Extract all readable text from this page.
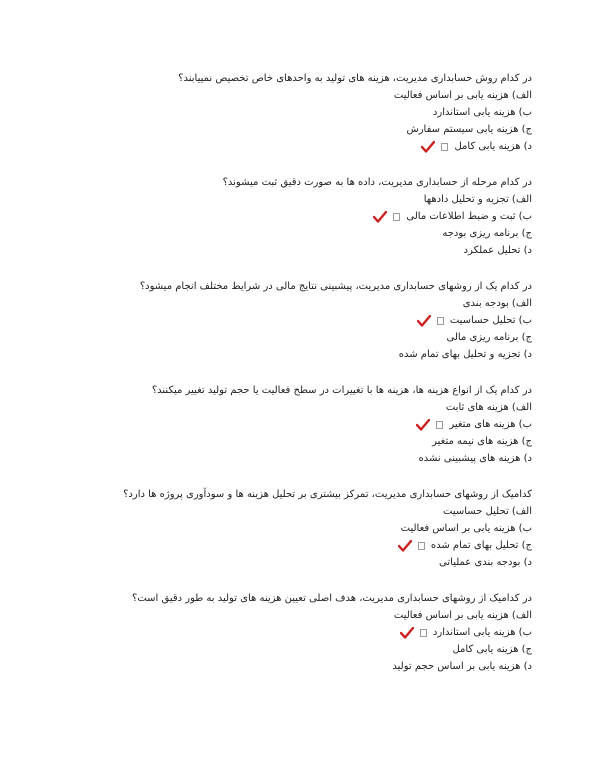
در کدام روش حسابداری مدیریت، هزینه های تولید به واحدهای خاص تخصیص نمییابند؟

الف) هزینه یابی بر اساس فعالیت
ب) هزینه یابی استاندارد
ج) هزینه یابی سیستم سفارش
د) هزینه یابی کامل

در کدام مرحله از حسابداری مدیریت، داده ها به صورت دقیق ثبت میشوند؟

الف) تجزیه و تحلیل دادهها
ب) ثبت و ضبط اطلاعات مالی
ج) برنامه ریزی بودجه
د) تحلیل عملکرد

در کدام یک از روشهای حسابداری مدیریت، پیشبینی نتایج مالی در شرایط مختلف انجام میشود؟

الف) بودجه بندی
ب) تحلیل حساسیت
ج) برنامه ریزی مالی
د) تجزیه و تحلیل بهای تمام شده

در کدام یک از انواع هزینه ها، هزینه ها با تغییرات در سطح فعالیت یا حجم تولید تغییر میکنند؟

الف) هزینه های ثابت
ب) هزینه های متغیر
ج) هزینه های نیمه متغیر
د) هزینه های پیشبینی نشده

کدامیک از روشهای حسابداری مدیریت، تمرکز بیشتری بر تحلیل هزینه ها و سودآوری پروژه ها دارد؟

الف) تحلیل حساسیت
ب) هزینه یابی بر اساس فعالیت
ج) تحلیل بهای تمام شده
د) بودجه بندی عملیاتی

در کدامیک از روشهای حسابداری مدیریت، هدف اصلی تعیین هزینه های تولید به طور دقیق است؟

الف) هزینه یابی بر اساس فعالیت
ب) هزینه یابی استاندارد
ج) هزینه یابی کامل
د) هزینه یابی بر اساس حجم تولید
